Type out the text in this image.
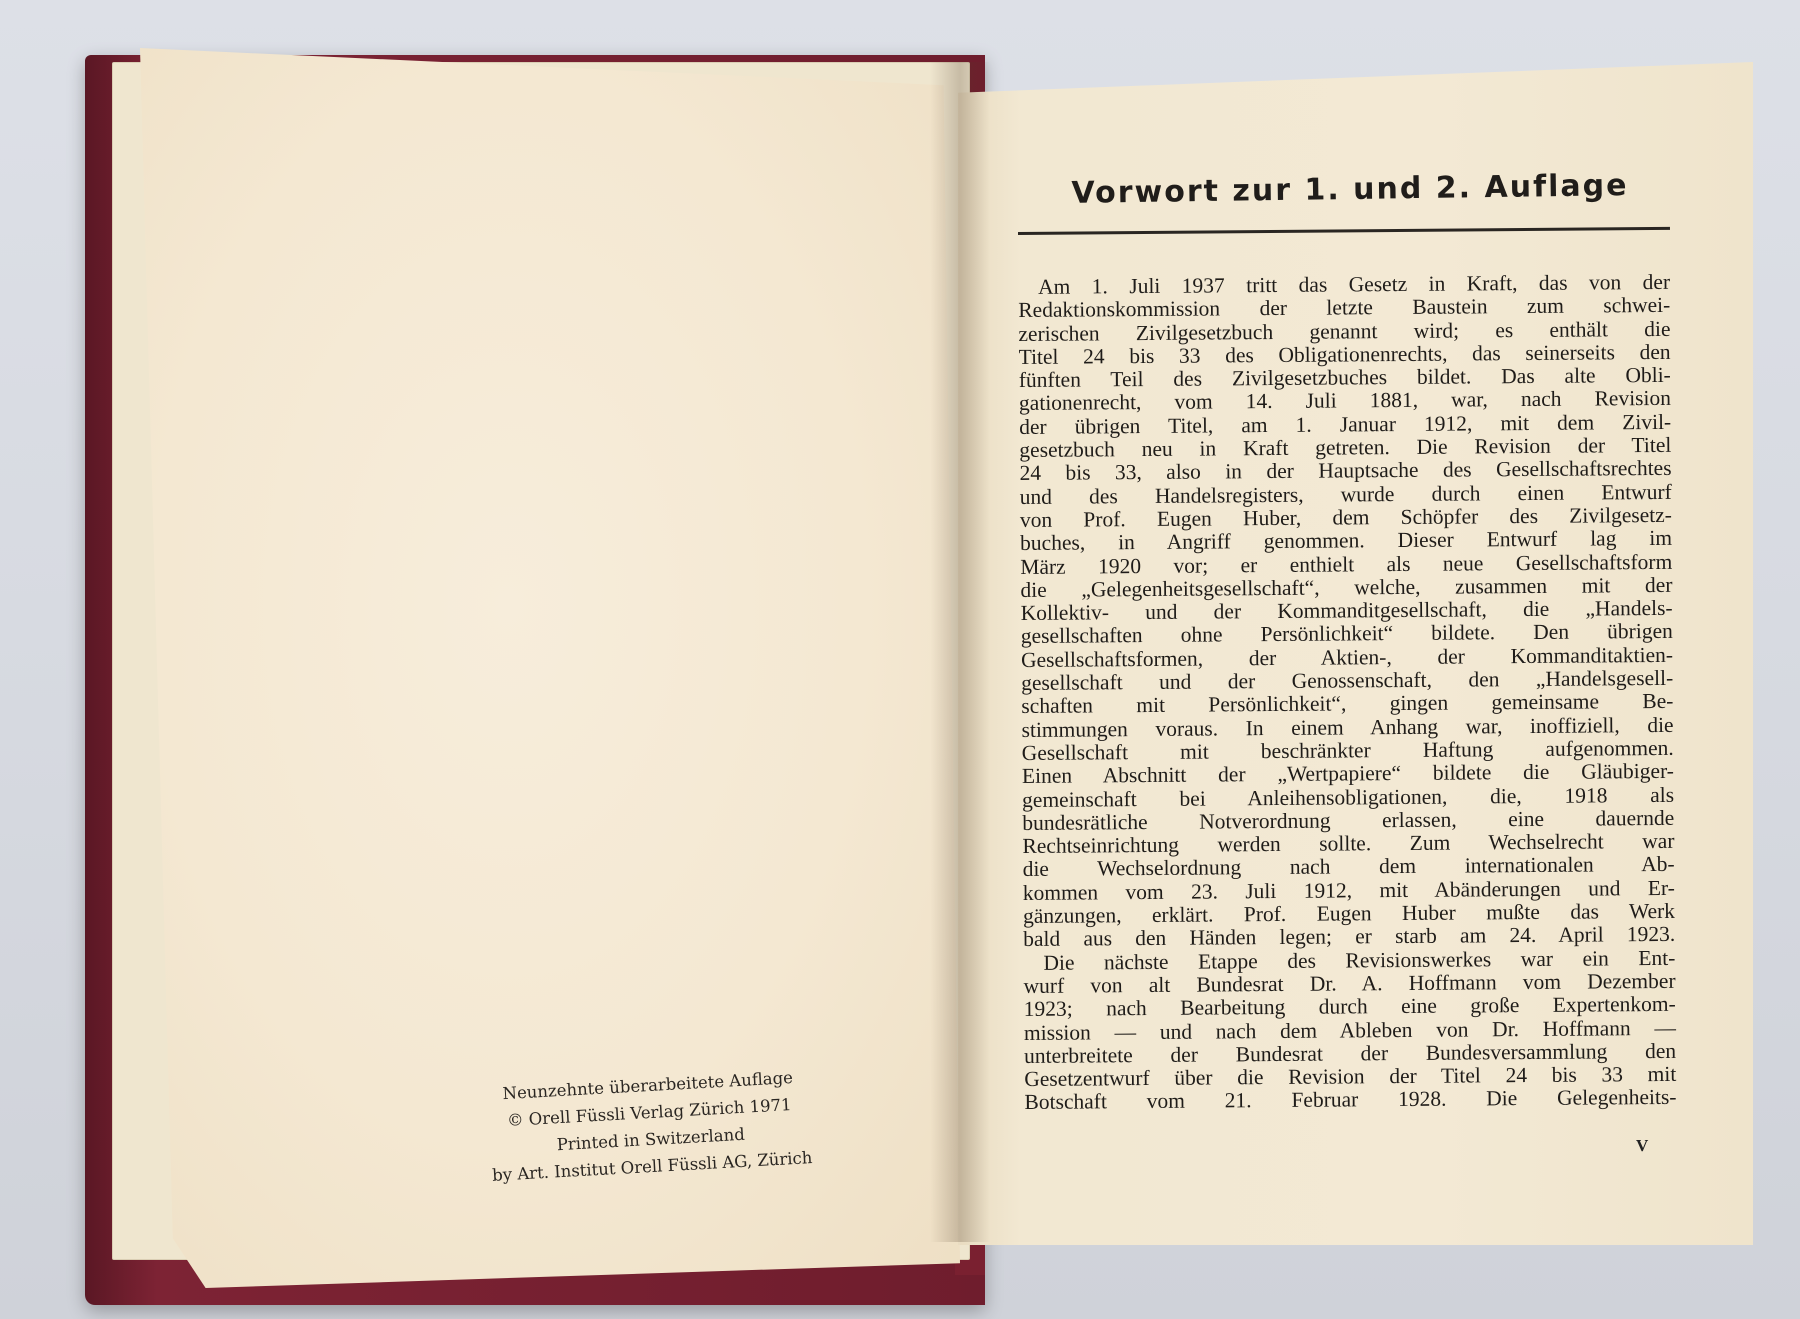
Neunzehnte überarbeitete Auflage
© Orell Füssli Verlag Zürich 1971
Printed in Switzerland
by Art. Institut Orell Füssli AG, Zürich
Vorwort zur 1. und 2. Auflage
Am 1. Juli 1937 tritt das Gesetz in Kraft, das von der
Redaktionskommission der letzte Baustein zum schwei-
zerischen Zivilgesetzbuch genannt wird; es enthält die
Titel 24 bis 33 des Obligationenrechts, das seinerseits den
fünften Teil des Zivilgesetzbuches bildet. Das alte Obli-
gationenrecht, vom 14. Juli 1881, war, nach Revision
der übrigen Titel, am 1. Januar 1912, mit dem Zivil-
gesetzbuch neu in Kraft getreten. Die Revision der Titel
24 bis 33, also in der Hauptsache des Gesellschaftsrechtes
und des Handelsregisters, wurde durch einen Entwurf
von Prof. Eugen Huber, dem Schöpfer des Zivilgesetz-
buches, in Angriff genommen. Dieser Entwurf lag im
März 1920 vor; er enthielt als neue Gesellschaftsform
die „Gelegenheitsgesellschaft“, welche, zusammen mit der
Kollektiv- und der Kommanditgesellschaft, die „Handels-
gesellschaften ohne Persönlichkeit“ bildete. Den übrigen
Gesellschaftsformen, der Aktien-, der Kommanditaktien-
gesellschaft und der Genossenschaft, den „Handelsgesell-
schaften mit Persönlichkeit“, gingen gemeinsame Be-
stimmungen voraus. In einem Anhang war, inoffiziell, die
Gesellschaft mit beschränkter Haftung aufgenommen.
Einen Abschnitt der „Wertpapiere“ bildete die Gläubiger-
gemeinschaft bei Anleihensobligationen, die, 1918 als
bundesrätliche Notverordnung erlassen, eine dauernde
Rechtseinrichtung werden sollte. Zum Wechselrecht war
die Wechselordnung nach dem internationalen Ab-
kommen vom 23. Juli 1912, mit Abänderungen und Er-
gänzungen, erklärt. Prof. Eugen Huber mußte das Werk
bald aus den Händen legen; er starb am 24. April 1923.
Die nächste Etappe des Revisionswerkes war ein Ent-
wurf von alt Bundesrat Dr. A. Hoffmann vom Dezember
1923; nach Bearbeitung durch eine große Expertenkom-
mission — und nach dem Ableben von Dr. Hoffmann —
unterbreitete der Bundesrat der Bundesversammlung den
Gesetzentwurf über die Revision der Titel 24 bis 33 mit
Botschaft vom 21. Februar 1928. Die Gelegenheits-
V
